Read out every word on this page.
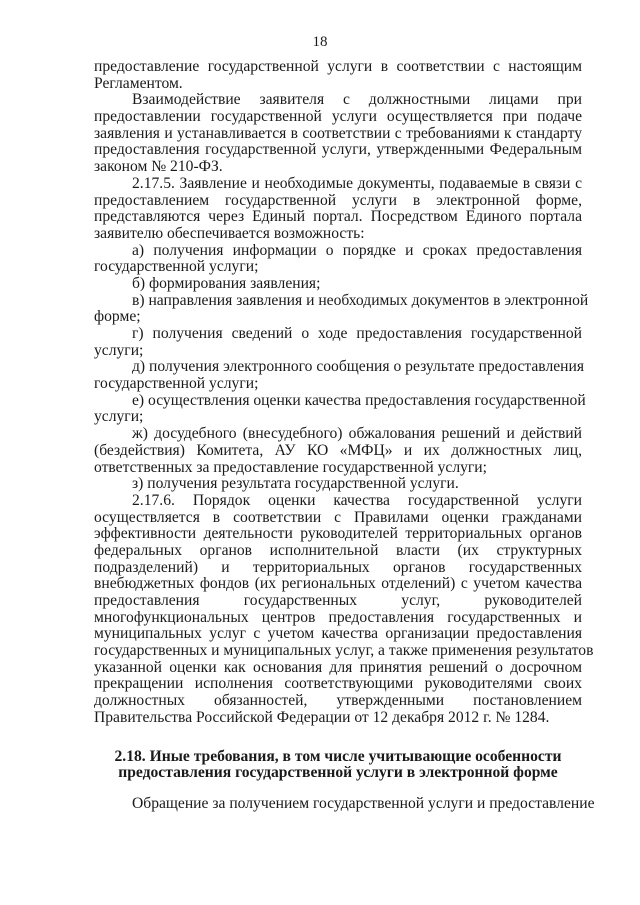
18
предоставление государственной услуги в соответствии с настоящим
Регламентом.
Взаимодействие заявителя с должностными лицами при
предоставлении государственной услуги осуществляется при подаче
заявления и устанавливается в соответствии с требованиями к стандарту
предоставления государственной услуги, утвержденными Федеральным
законом № 210-ФЗ.
2.17.5. Заявление и необходимые документы, подаваемые в связи с
предоставлением государственной услуги в электронной форме,
представляются через Единый портал. Посредством Единого портала
заявителю обеспечивается возможность:
а) получения информации о порядке и сроках предоставления
государственной услуги;
б) формирования заявления;
в) направления заявления и необходимых документов в электронной
форме;
г) получения сведений о ходе предоставления государственной
услуги;
д) получения электронного сообщения о результате предоставления
государственной услуги;
е) осуществления оценки качества предоставления государственной
услуги;
ж) досудебного (внесудебного) обжалования решений и действий
(бездействия) Комитета, АУ КО «МФЦ» и их должностных лиц,
ответственных за предоставление государственной услуги;
з) получения результата государственной услуги.
2.17.6. Порядок оценки качества государственной услуги
осуществляется в соответствии с Правилами оценки гражданами
эффективности деятельности руководителей территориальных органов
федеральных органов исполнительной власти (их структурных
подразделений) и территориальных органов государственных
внебюджетных фондов (их региональных отделений) с учетом качества
предоставления государственных услуг, руководителей
многофункциональных центров предоставления государственных и
муниципальных услуг с учетом качества организации предоставления
государственных и муниципальных услуг, а также применения результатов
указанной оценки как основания для принятия решений о досрочном
прекращении исполнения соответствующими руководителями своих
должностных обязанностей, утвержденными постановлением
Правительства Российской Федерации от 12 декабря 2012 г. № 1284.
2.18. Иные требования, в том числе учитывающие особенности
предоставления государственной услуги в электронной форме
Обращение за получением государственной услуги и предоставление
